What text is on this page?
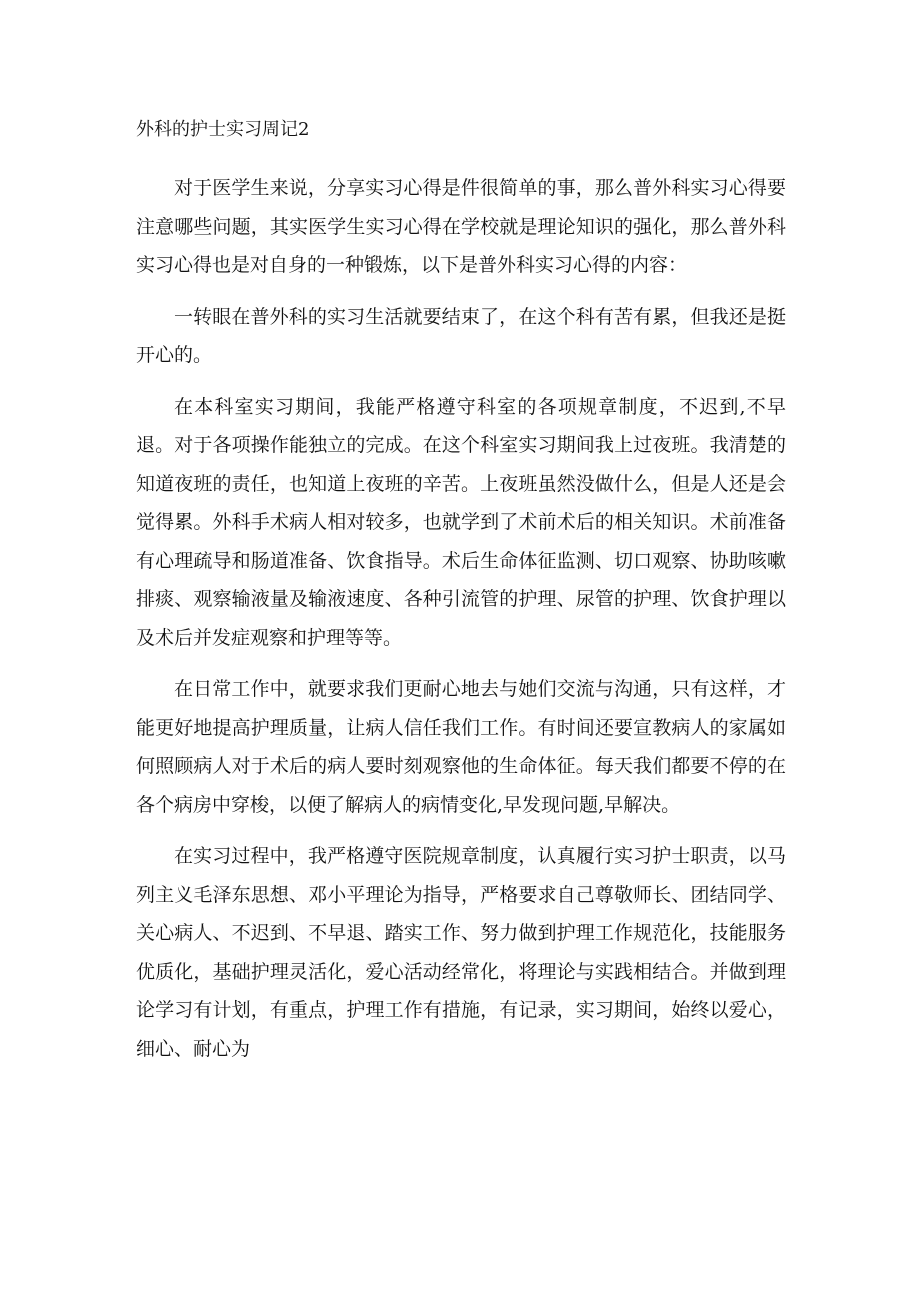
外科的护士实习周记2

对于医学生来说，分享实习心得是件很简单的事，那么普外科实习心得要注意哪些问题，其实医学生实习心得在学校就是理论知识的强化，那么普外科实习心得也是对自身的一种锻炼，以下是普外科实习心得的内容：

一转眼在普外科的实习生活就要结束了，在这个科有苦有累，但我还是挺开心的。

在本科室实习期间，我能严格遵守科室的各项规章制度，不迟到,不早退。对于各项操作能独立的完成。在这个科室实习期间我上过夜班。我清楚的知道夜班的责任，也知道上夜班的辛苦。上夜班虽然没做什么，但是人还是会觉得累。外科手术病人相对较多，也就学到了术前术后的相关知识。术前准备有心理疏导和肠道准备、饮食指导。术后生命体征监测、切口观察、协助咳嗽排痰、观察输液量及输液速度、各种引流管的护理、尿管的护理、饮食护理以及术后并发症观察和护理等等。

在日常工作中，就要求我们更耐心地去与她们交流与沟通，只有这样，才能更好地提高护理质量，让病人信任我们工作。有时间还要宣教病人的家属如何照顾病人对于术后的病人要时刻观察他的生命体征。每天我们都要不停的在各个病房中穿梭，以便了解病人的病情变化,早发现问题,早解决。

在实习过程中，我严格遵守医院规章制度，认真履行实习护士职责，以马列主义毛泽东思想、邓小平理论为指导，严格要求自己尊敬师长、团结同学、关心病人、不迟到、不早退、踏实工作、努力做到护理工作规范化，技能服务优质化，基础护理灵活化，爱心活动经常化，将理论与实践相结合。并做到理论学习有计划，有重点，护理工作有措施，有记录，实习期间，始终以爱心，细心、耐心为
